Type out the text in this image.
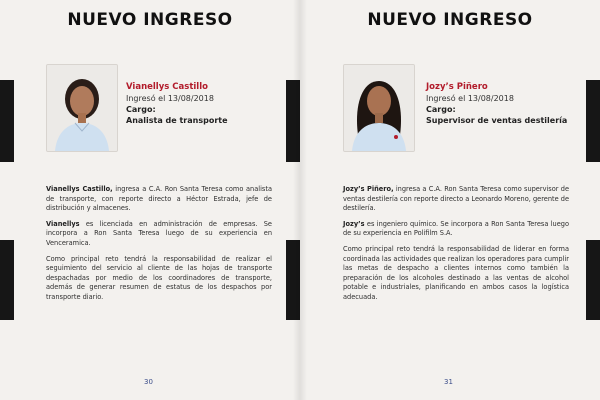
NUEVO INGRESO
Vianellys Castillo
Ingresó el 13/08/2018
Cargo:
Analista de transporte

Vianellys Castillo, ingresa a C.A. Ron Santa Teresa como analista de transporte, con reporte directo a Héctor Estrada, jefe de distribución y almacenes.

Vianellys es licenciada en administración de empresas. Se incorpora a Ron Santa Teresa luego de su experiencia en Venceramica.

Como principal reto tendrá la responsabilidad de realizar el seguimiento del servicio al cliente de las hojas de transporte despachadas por medio de los coordinadores de transporte, además de generar resumen de estatus de los despachos por transporte diario.

30
NUEVO INGRESO
Jozy’s Piñero
Ingresó el 13/08/2018
Cargo:
Supervisor de ventas destilería

Jozy’s Piñero, ingresa a C.A. Ron Santa Teresa como supervisor de ventas destilería con reporte directo a Leonardo Moreno, gerente de destilería.

Jozy’s es ingeniero químico. Se incorpora a Ron Santa Teresa luego de su experiencia en Polifilm S.A.

Como principal reto tendrá la responsabilidad de liderar en forma coordinada las actividades que realizan los operadores para cumplir las metas de despacho a clientes internos como también la preparación de los alcoholes destinado a las ventas de alcohol potable e industriales, planificando en ambos casos la logística adecuada.

31
